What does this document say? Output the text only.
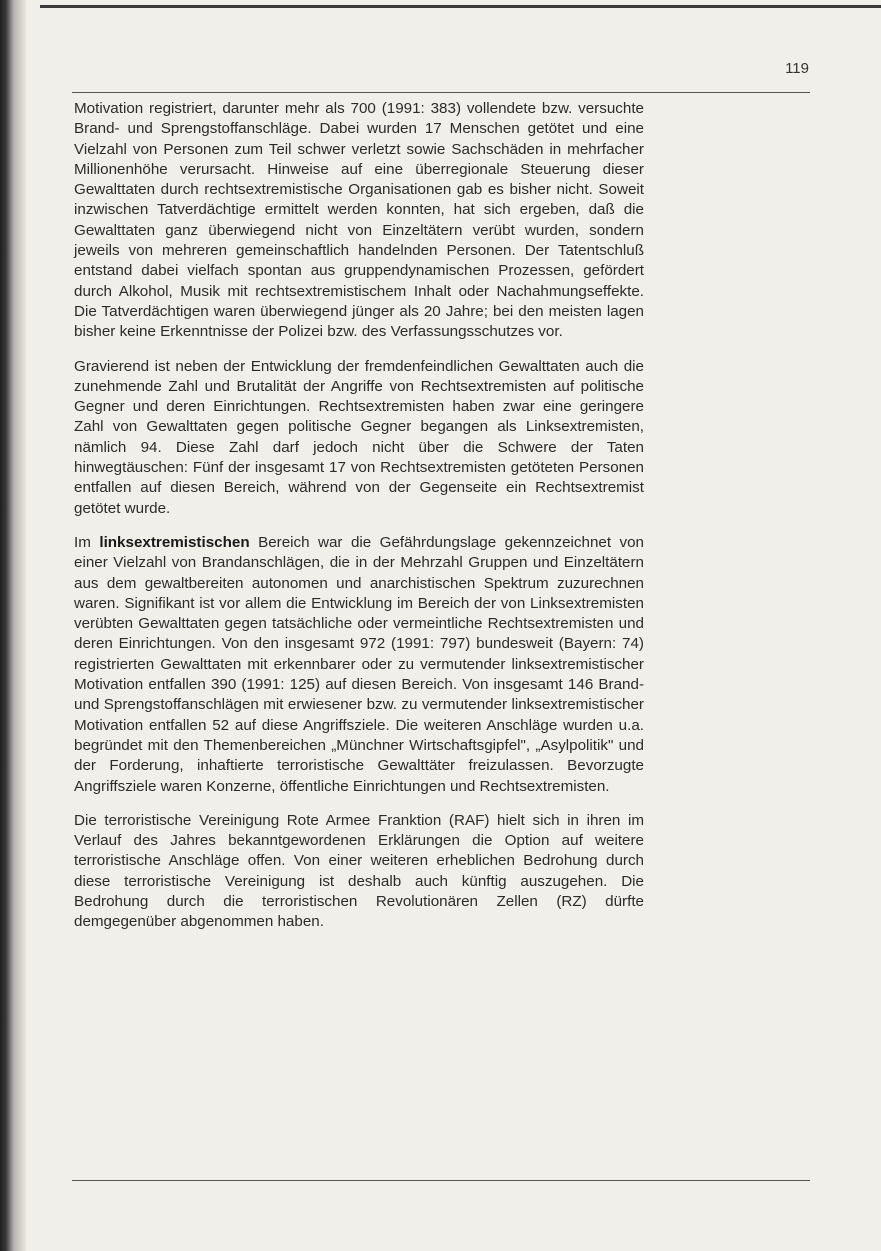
119

Motivation registriert, darunter mehr als 700 (1991: 383) vollendete bzw. versuchte Brand- und Sprengstoffanschläge. Dabei wurden 17 Menschen getötet und eine Vielzahl von Personen zum Teil schwer verletzt sowie Sachschäden in mehrfacher Millionenhöhe verursacht. Hinweise auf eine überregionale Steuerung dieser Gewalttaten durch rechtsextremistische Organisationen gab es bisher nicht. Soweit inzwischen Tatverdächtige ermittelt werden konnten, hat sich ergeben, daß die Gewalttaten ganz überwiegend nicht von Einzeltätern verübt wurden, sondern jeweils von mehreren gemeinschaftlich handelnden Personen. Der Tatentschluß entstand dabei vielfach spontan aus gruppendynamischen Prozessen, gefördert durch Alkohol, Musik mit rechtsextremistischem Inhalt oder Nachahmungseffekte. Die Tatverdächtigen waren überwiegend jünger als 20 Jahre; bei den meisten lagen bisher keine Erkenntnisse der Polizei bzw. des Verfassungsschutzes vor.

Gravierend ist neben der Entwicklung der fremdenfeindlichen Gewalttaten auch die zunehmende Zahl und Brutalität der Angriffe von Rechtsextremisten auf politische Gegner und deren Einrichtungen. Rechtsextremisten haben zwar eine geringere Zahl von Gewalttaten gegen politische Gegner begangen als Linksextremisten, nämlich 94. Diese Zahl darf jedoch nicht über die Schwere der Taten hinwegtäuschen: Fünf der insgesamt 17 von Rechtsextremisten getöteten Personen entfallen auf diesen Bereich, während von der Gegenseite ein Rechtsextremist getötet wurde.

Im linksextremistischen Bereich war die Gefährdungslage gekennzeichnet von einer Vielzahl von Brandanschlägen, die in der Mehrzahl Gruppen und Einzeltätern aus dem gewaltbereiten autonomen und anarchistischen Spektrum zuzurechnen waren. Signifikant ist vor allem die Entwicklung im Bereich der von Linksextremisten verübten Gewalttaten gegen tatsächliche oder vermeintliche Rechtsextremisten und deren Einrichtungen. Von den insgesamt 972 (1991: 797) bundesweit (Bayern: 74) registrierten Gewalttaten mit erkennbarer oder zu vermutender linksextremistischer Motivation entfallen 390 (1991: 125) auf diesen Bereich. Von insgesamt 146 Brand- und Sprengstoffanschlägen mit erwiesener bzw. zu vermutender linksextremistischer Motivation entfallen 52 auf diese Angriffsziele. Die weiteren Anschläge wurden u.a. begründet mit den Themenbereichen „Münchner Wirtschaftsgipfel", „Asylpolitik" und der Forderung, inhaftierte terroristische Gewalttäter freizulassen. Bevorzugte Angriffsziele waren Konzerne, öffentliche Einrichtungen und Rechtsextremisten.

Die terroristische Vereinigung Rote Armee Franktion (RAF) hielt sich in ihren im Verlauf des Jahres bekanntgewordenen Erklärungen die Option auf weitere terroristische Anschläge offen. Von einer weiteren erheblichen Bedrohung durch diese terroristische Vereinigung ist deshalb auch künftig auszugehen. Die Bedrohung durch die terroristischen Revolutionären Zellen (RZ) dürfte demgegenüber abgenommen haben.
